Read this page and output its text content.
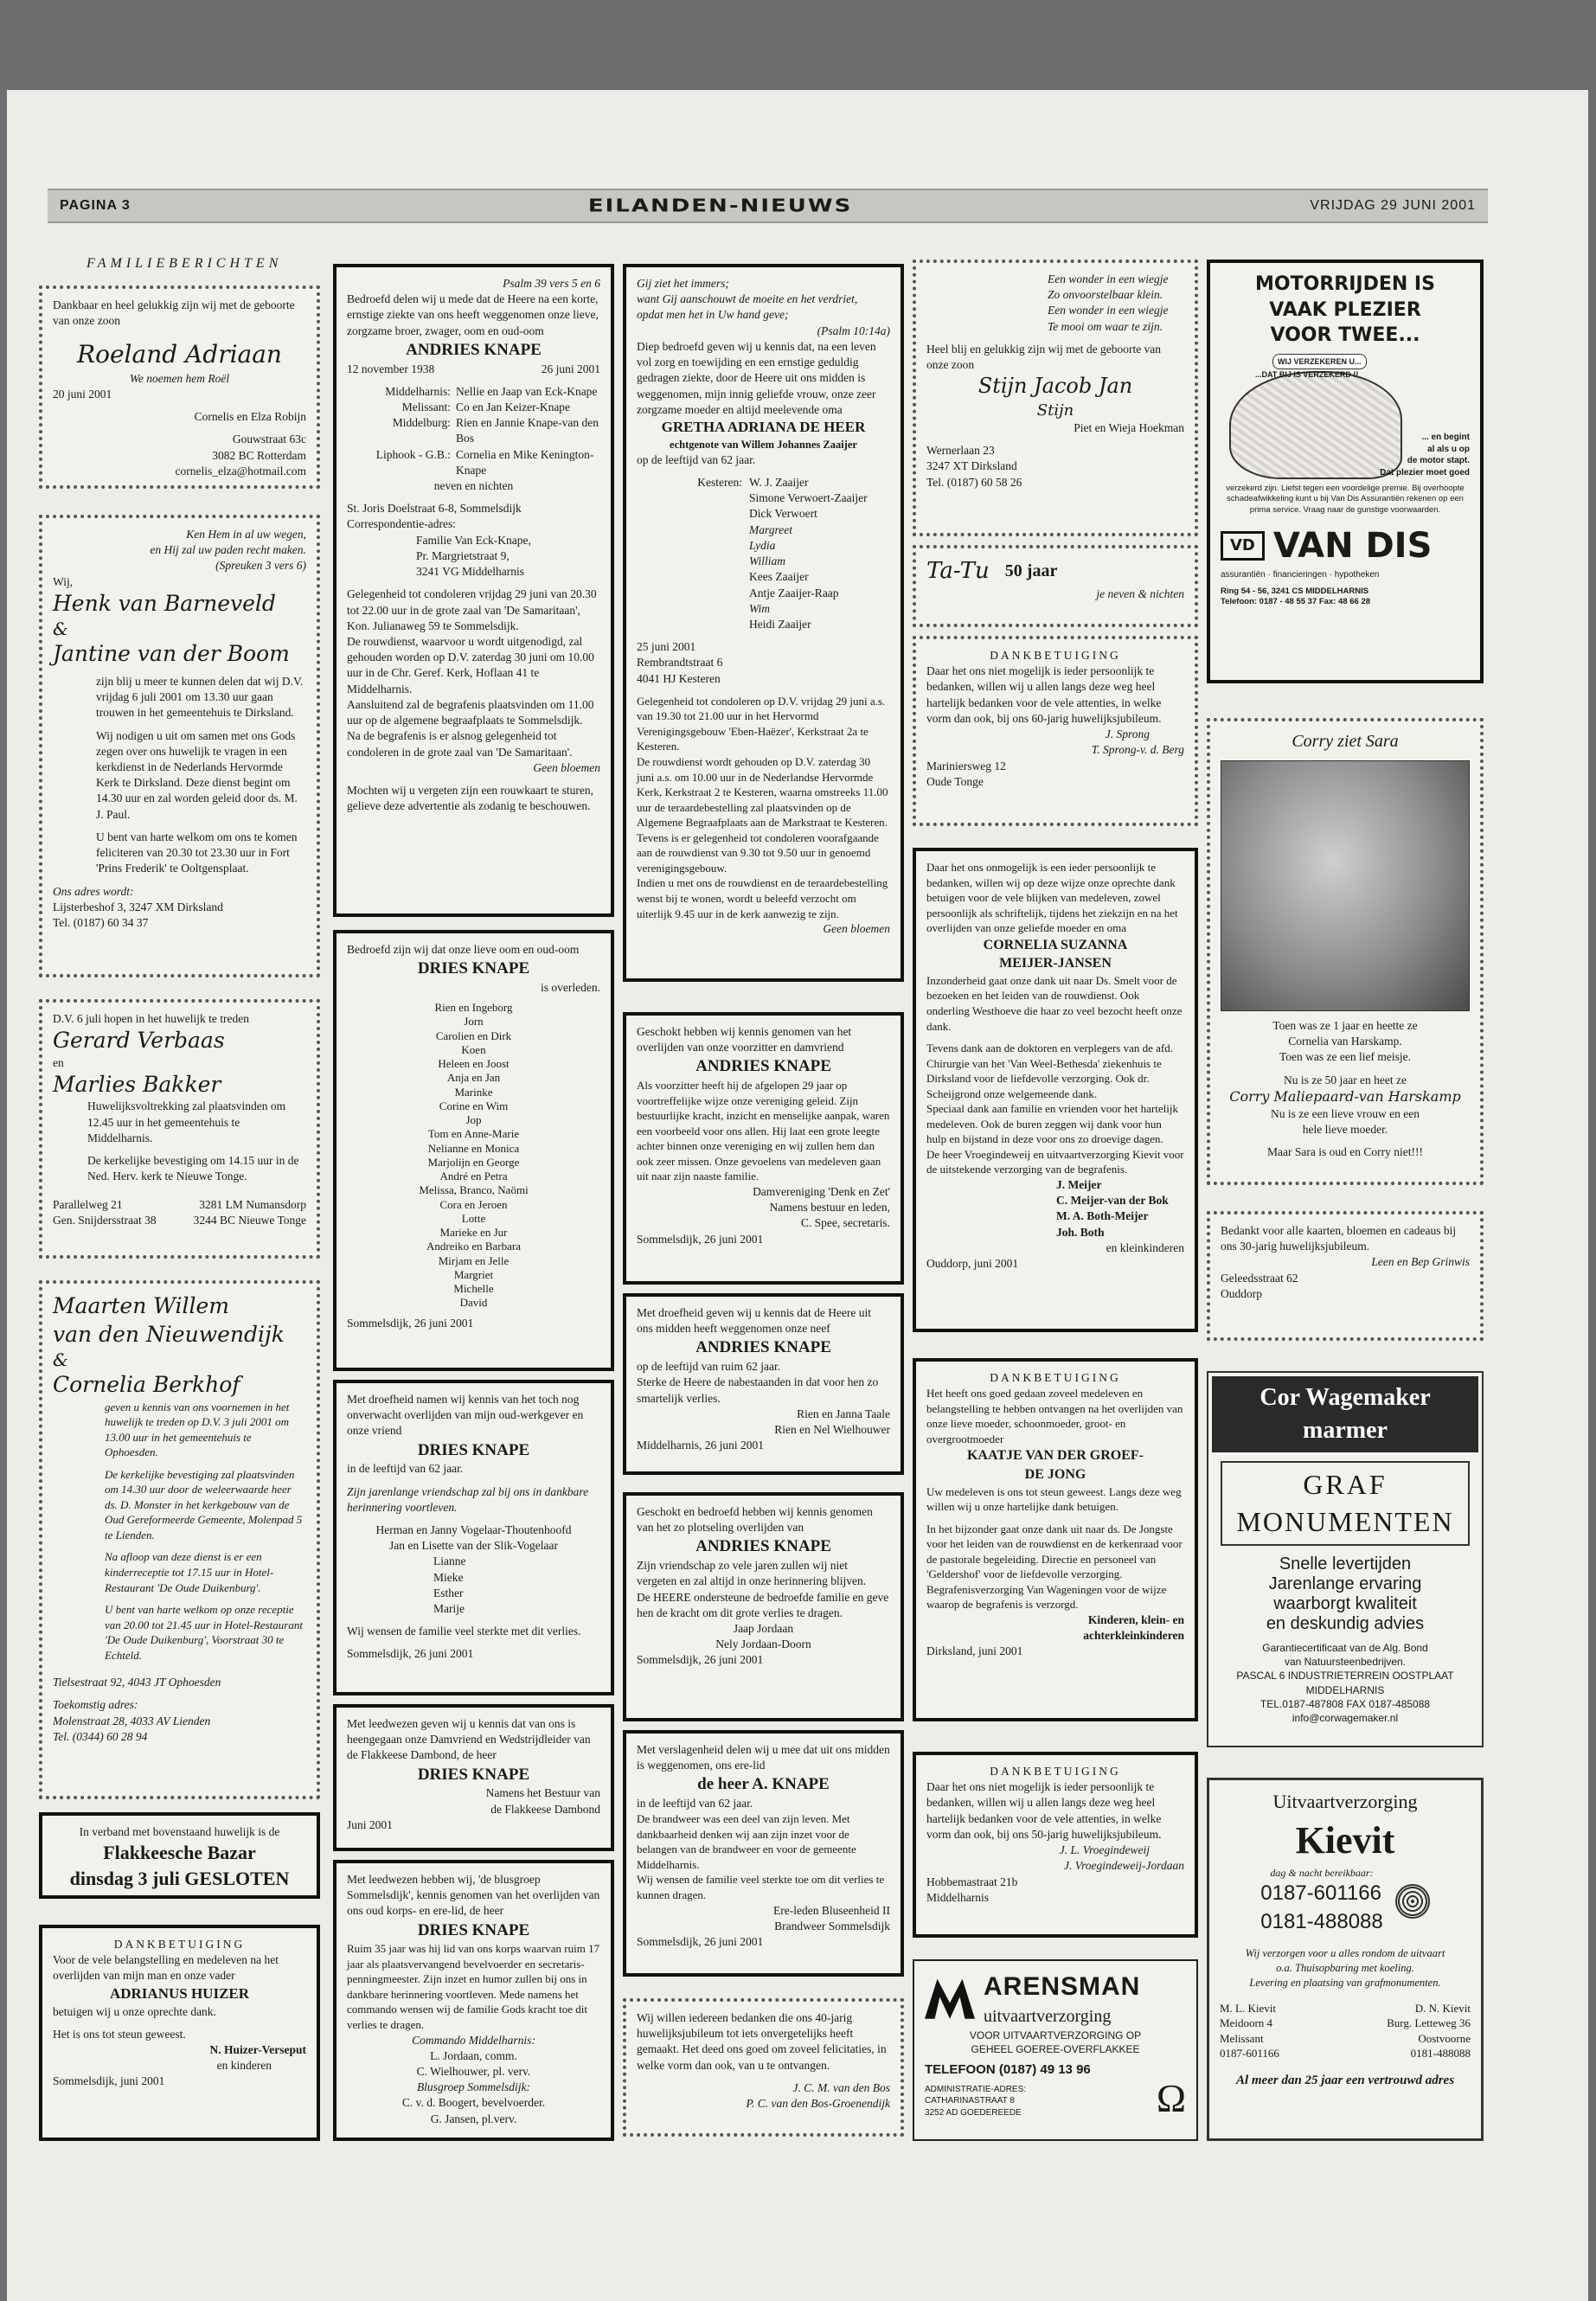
PAGINA 3	EILANDEN-NIEUWS	VRIJDAG 29 JUNI 2001
FAMILIEBERICHTEN
Dankbaar en heel gelukkig zijn wij met de geboorte van onze zoon
Roeland Adriaan
We noemen hem Roël
20 juni 2001
Cornelis en Elza Robijn
Gouwstraat 63c
3082 BC Rotterdam
cornelis_elza@hotmail.com
Ken Hem in al uw wegen,
en Hij zal uw paden recht maken.
(Spreuken 3 vers 6)
Wij,
Henk van Barneveld
&
Jantine van der Boom
zijn blij u meer te kunnen delen dat wij D.V. vrijdag 6 juli 2001 om 13.30 uur gaan trouwen in het gemeentehuis te Dirksland.
Wij nodigen u uit om samen met ons Gods zegen over ons huwelijk te vragen in een kerkdienst in de Nederlands Hervormde Kerk te Dirksland. Deze dienst begint om 14.30 uur en zal worden geleid door ds. M. J. Paul.
U bent van harte welkom om ons te komen feliciteren van 20.30 tot 23.30 uur in Fort 'Prins Frederik' te Ooltgensplaat.
Ons adres wordt:
Lijsterbeshof 3, 3247 XM Dirksland
Tel. (0187) 60 34 37
D.V. 6 juli hopen in het huwelijk te treden
Gerard Verbaas
en
Marlies Bakker
Huwelijksvoltrekking zal plaatsvinden om 12.45 uur in het gemeentehuis te Middelharnis.
De kerkelijke bevestiging om 14.15 uur in de Ned. Herv. kerk te Nieuwe Tonge.
Parallelweg 21	3281 LM Numansdorp
Gen. Snijdersstraat 38	3244 BC Nieuwe Tonge
Maarten Willem
van den Nieuwendijk
&
Cornelia Berkhof
geven u kennis van ons voornemen in het huwelijk te treden op D.V. 3 juli 2001 om 13.00 uur in het gemeentehuis te Ophoesden.
De kerkelijke bevestiging zal plaatsvinden om 14.30 uur door de weleerwaarde heer ds. D. Monster in het kerkgebouw van de Oud Gereformeerde Gemeente, Molenpad 5 te Lienden.
Na afloop van deze dienst is er een kinderreceptie tot 17.15 uur in Hotel-Restaurant 'De Oude Duikenburg'.
U bent van harte welkom op onze receptie van 20.00 tot 21.45 uur in Hotel-Restaurant 'De Oude Duikenburg', Voorstraat 30 te Echteld.
Tielsestraat 92, 4043 JT Ophoesden
Toekomstig adres:
Molenstraat 28, 4033 AV Lienden
Tel. (0344) 60 28 94
In verband met bovenstaand huwelijk is de
Flakkeesche Bazar
dinsdag 3 juli GESLOTEN
DANKBETUIGING
Voor de vele belangstelling en medeleven na het overlijden van mijn man en onze vader
ADRIANUS HUIZER
betuigen wij u onze oprechte dank.
Het is ons tot steun geweest.
N. Huizer-Verseput
en kinderen
Sommelsdijk, juni 2001
Psalm 39 vers 5 en 6
Bedroefd delen wij u mede dat de Heere na een korte, ernstige ziekte van ons heeft weggenomen onze lieve, zorgzame broer, zwager, oom en oud-oom
ANDRIES KNAPE
12 november 1938	26 juni 2001
Middelharnis: Nellie en Jaap van Eck-Knape
Melissant: Co en Jan Keizer-Knape
Middelburg: Rien en Jannie Knape-van den Bos
Liphook - G.B.: Cornelia en Mike Kenington-Knape
neven en nichten
St. Joris Doelstraat 6-8, Sommelsdijk
Correspondentie-adres:
Familie Van Eck-Knape,
Pr. Margrietstraat 9,
3241 VG Middelharnis
Gelegenheid tot condoleren vrijdag 29 juni van 20.30 tot 22.00 uur in de grote zaal van 'De Samaritaan', Kon. Julianaweg 59 te Sommelsdijk.
De rouwdienst, waarvoor u wordt uitgenodigd, zal gehouden worden op D.V. zaterdag 30 juni om 10.00 uur in de Chr. Geref. Kerk, Hoflaan 41 te Middelharnis.
Aansluitend zal de begrafenis plaatsvinden om 11.00 uur op de algemene begraafplaats te Sommelsdijk.
Na de begrafenis is er alsnog gelegenheid tot condoleren in de grote zaal van 'De Samaritaan'.
Geen bloemen
Mochten wij u vergeten zijn een rouwkaart te sturen, gelieve deze advertentie als zodanig te beschouwen.
Bedroefd zijn wij dat onze lieve oom en oud-oom
DRIES KNAPE
is overleden.
Rien en Ingeborg
Jorn
Carolien en Dirk
Koen
Heleen en Joost
Anja en Jan
Marinke
Corine en Wim
Jop
Tom en Anne-Marie
Nelianne en Monica
Marjolijn en George
André en Petra
Melissa, Branco, Naömi
Cora en Jeroen
Lotte
Marieke en Jur
Andreiko en Barbara
Mirjam en Jelle
Margriet
Michelle
David
Sommelsdijk, 26 juni 2001
Met droefheid namen wij kennis van het toch nog onverwacht overlijden van mijn oud-werkgever en onze vriend
DRIES KNAPE
in de leeftijd van 62 jaar.
Zijn jarenlange vriendschap zal bij ons in dankbare herinnering voortleven.
Herman en Janny Vogelaar-Thoutenhoofd
Jan en Lisette van der Slik-Vogelaar
Lianne
Mieke
Esther
Marije
Wij wensen de familie veel sterkte met dit verlies.
Sommelsdijk, 26 juni 2001
Met leedwezen geven wij u kennis dat van ons is heengegaan onze Damvriend en Wedstrijdleider van de Flakkeese Dambond, de heer
DRIES KNAPE
Namens het Bestuur van
de Flakkeese Dambond
Juni 2001
Met leedwezen hebben wij, 'de blusgroep Sommelsdijk', kennis genomen van het overlijden van ons oud korps- en ere-lid, de heer
DRIES KNAPE
Ruim 35 jaar was hij lid van ons korps waarvan ruim 17 jaar als plaatsvervangend bevelvoerder en secretaris-penningmeester. Zijn inzet en humor zullen bij ons in dankbare herinnering voortleven. Mede namens het commando wensen wij de familie Gods kracht toe dit verlies te dragen.
Commando Middelharnis:
L. Jordaan, comm.
C. Wielhouwer, pl. verv.
Blusgroep Sommelsdijk:
C. v. d. Boogert, bevelvoerder.
G. Jansen, pl.verv.
Gij ziet het immers;
want Gij aanschouwt de moeite en het verdriet,
opdat men het in Uw hand geve;
(Psalm 10:14a)
Diep bedroefd geven wij u kennis dat, na een leven vol zorg en toewijding en een ernstige geduldig gedragen ziekte, door de Heere uit ons midden is weggenomen, mijn innig geliefde vrouw, onze zeer zorgzame moeder en altijd meelevende oma
GRETHA ADRIANA DE HEER
echtgenote van Willem Johannes Zaaijer
op de leeftijd van 62 jaar.
Kesteren: W. J. Zaaijer
Simone Verwoert-Zaaijer
Dick Verwoert
Margreet
Lydia
William
Kees Zaaijer
Antje Zaaijer-Raap
Wim
Heidi Zaaijer
25 juni 2001
Rembrandtstraat 6
4041 HJ Kesteren
Gelegenheid tot condoleren op D.V. vrijdag 29 juni a.s. van 19.30 tot 21.00 uur in het Hervormd Verenigingsgebouw 'Eben-Haëzer', Kerkstraat 2a te Kesteren.
De rouwdienst wordt gehouden op D.V. zaterdag 30 juni a.s. om 10.00 uur in de Nederlandse Hervormde Kerk, Kerkstraat 2 te Kesteren, waarna omstreeks 11.00 uur de teraardebestelling zal plaatsvinden op de Algemene Begraafplaats aan de Markstraat te Kesteren.
Tevens is er gelegenheid tot condoleren voorafgaande aan de rouwdienst van 9.30 tot 9.50 uur in genoemd verenigingsgebouw.
Indien u met ons de rouwdienst en de teraardebestelling wenst bij te wonen, wordt u beleefd verzocht om uiterlijk 9.45 uur in de kerk aanwezig te zijn.
Geen bloemen
Geschokt hebben wij kennis genomen van het overlijden van onze voorzitter en damvriend
ANDRIES KNAPE
Als voorzitter heeft hij de afgelopen 29 jaar op voortreffelijke wijze onze vereniging geleid. Zijn bestuurlijke kracht, inzicht en menselijke aanpak, waren een voorbeeld voor ons allen. Hij laat een grote leegte achter binnen onze vereniging en wij zullen hem dan ook zeer missen. Onze gevoelens van medeleven gaan uit naar zijn naaste familie.
Damvereniging 'Denk en Zet'
Namens bestuur en leden,
C. Spee, secretaris.
Sommelsdijk, 26 juni 2001
Met droefheid geven wij u kennis dat de Heere uit ons midden heeft weggenomen onze neef
ANDRIES KNAPE
op de leeftijd van ruim 62 jaar.
Sterke de Heere de nabestaanden in dat voor hen zo smartelijk verlies.
Rien en Janna Taale
Rien en Nel Wielhouwer
Middelharnis, 26 juni 2001
Geschokt en bedroefd hebben wij kennis genomen van het zo plotseling overlijden van
ANDRIES KNAPE
Zijn vriendschap zo vele jaren zullen wij niet vergeten en zal altijd in onze herinnering blijven.
De HEERE ondersteune de bedroefde familie en geve hen de kracht om dit grote verlies te dragen.
Jaap Jordaan
Nely Jordaan-Doorn
Sommelsdijk, 26 juni 2001
Met verslagenheid delen wij u mee dat uit ons midden is weggenomen, ons ere-lid
de heer A. KNAPE
in de leeftijd van 62 jaar.
De brandweer was een deel van zijn leven. Met dankbaarheid denken wij aan zijn inzet voor de belangen van de brandweer en voor de gemeente Middelharnis.
Wij wensen de familie veel sterkte toe om dit verlies te kunnen dragen.
Ere-leden Bluseenheid II
Brandweer Sommelsdijk
Sommelsdijk, 26 juni 2001
Wij willen iedereen bedanken die ons 40-jarig huwelijksjubileum tot iets onvergetelijks heeft gemaakt. Het deed ons goed om zoveel felicitaties, in welke vorm dan ook, van u te ontvangen.
J. C. M. van den Bos
P. C. van den Bos-Groenendijk
Een wonder in een wiegje
Zo onvoorstelbaar klein.
Een wonder in een wiegje
Te mooi om waar te zijn.
Heel blij en gelukkig zijn wij met de geboorte van onze zoon
Stijn Jacob Jan
Stijn
Piet en Wieja Hoekman
Wernerlaan 23
3247 XT Dirksland
Tel. (0187) 60 58 26
Ta-Tu 50 jaar
je neven & nichten
DANKBETUIGING
Daar het ons niet mogelijk is ieder persoonlijk te bedanken, willen wij u allen langs deze weg heel hartelijk bedanken voor de vele attenties, in welke vorm dan ook, bij ons 60-jarig huwelijksjubileum.
J. Sprong
T. Sprong-v. d. Berg
Mariniersweg 12
Oude Tonge
Daar het ons onmogelijk is een ieder persoonlijk te bedanken, willen wij op deze wijze onze oprechte dank betuigen voor de vele blijken van medeleven, zowel persoonlijk als schriftelijk, tijdens het ziekzijn en na het overlijden van onze geliefde moeder en oma
CORNELIA SUZANNA
MEIJER-JANSEN
Inzonderheid gaat onze dank uit naar Ds. Smelt voor de bezoeken en het leiden van de rouwdienst. Ook onderling Westhoeve die haar zo veel bezocht heeft onze dank.
Tevens dank aan de doktoren en verplegers van de afd. Chirurgie van het 'Van Weel-Bethesda' ziekenhuis te Dirksland voor de liefdevolle verzorging. Ook dr. Scheijgrond onze welgemeende dank.
Speciaal dank aan familie en vrienden voor het hartelijk medeleven. Ook de buren zeggen wij dank voor hun hulp en bijstand in deze voor ons zo droevige dagen.
De heer Vroegindeweij en uitvaartverzorging Kievit voor de uitstekende verzorging van de begrafenis.
J. Meijer
C. Meijer-van der Bok
M. A. Both-Meijer
Joh. Both
en kleinkinderen
Ouddorp, juni 2001
DANKBETUIGING
Het heeft ons goed gedaan zoveel medeleven en belangstelling te hebben ontvangen na het overlijden van onze lieve moeder, schoonmoeder, groot- en overgrootmoeder
KAATJE VAN DER GROEF-
DE JONG
Uw medeleven is ons tot steun geweest. Langs deze weg willen wij u onze hartelijke dank betuigen.
In het bijzonder gaat onze dank uit naar ds. De Jongste voor het leiden van de rouwdienst en de kerkenraad voor de pastorale begeleiding. Directie en personeel van 'Geldershof' voor de liefdevolle verzorging. Begrafenisverzorging Van Wageningen voor de wijze waarop de begrafenis is verzorgd.
Kinderen, klein- en
achterkleinkinderen
Dirksland, juni 2001
DANKBETUIGING
Daar het ons niet mogelijk is ieder persoonlijk te bedanken, willen wij u allen langs deze weg heel hartelijk bedanken voor de vele attenties, in welke vorm dan ook, bij ons 50-jarig huwelijksjubileum.
J. L. Vroegindeweij
J. Vroegindeweij-Jordaan
Hobbemastraat 21b
Middelharnis
ARENSMAN
uitvaartverzorging
VOOR UITVAARTVERZORGING OP
GEHEEL GOEREE-OVERFLAKKEE
TELEFOON (0187) 49 13 96
ADMINISTRATIE-ADRES:
CATHARINASTRAAT 8
3252 AD GOEDEREEDE	Ω
MOTORRIJDEN IS
VAAK PLEZIER
VOOR TWEE...
WIJ VERZEKEREN U...
...DAT BIJ IS VERZEKERD !!
... en begint
al als u op
de motor stapt.
Dat plezier moet goed
verzekerd zijn. Liefst tegen een voordelige premie. Bij overhoopte schadeafwikkeling kunt u bij Van Dis Assurantiën rekenen op een prima service. Vraag naar de gunstige voorwaarden.
VD VAN DIS
assurantiën · financieringen · hypotheken
Ring 54 - 56, 3241 CS MIDDELHARNIS
Telefoon: 0187 - 48 55 37 Fax: 48 66 28
Corry ziet Sara
Toen was ze 1 jaar en heette ze
Cornelia van Harskamp.
Toen was ze een lief meisje.
Nu is ze 50 jaar en heet ze
Corry Maliepaard-van Harskamp
Nu is ze een lieve vrouw en een
hele lieve moeder.
Maar Sara is oud en Corry niet!!!
Bedankt voor alle kaarten, bloemen en cadeaus bij ons 30-jarig huwelijksjubileum.
Leen en Bep Grinwis
Geleedsstraat 62
Ouddorp
Cor Wagemaker
marmer
GRAF
MONUMENTEN
Snelle levertijden
Jarenlange ervaring
waarborgt kwaliteit
en deskundig advies
Garantiecertificaat van de Alg. Bond
van Natuursteenbedrijven.
PASCAL 6 INDUSTRIETERREIN OOSTPLAAT
MIDDELHARNIS
TEL.0187-487808 FAX 0187-485088
info@corwagemaker.nl
Uitvaartverzorging
Kievit
dag & nacht bereikbaar:
0187-601166
0181-488088
Wij verzorgen voor u alles rondom de uitvaart
o.a. Thuisopbaring met koeling.
Levering en plaatsing van grafmonumenten.
M. L. Kievit
Meidoorn 4
Melissant
0187-601166
D. N. Kievit
Burg. Letteweg 36
Oostvoorne
0181-488088
Al meer dan 25 jaar een vertrouwd adres
